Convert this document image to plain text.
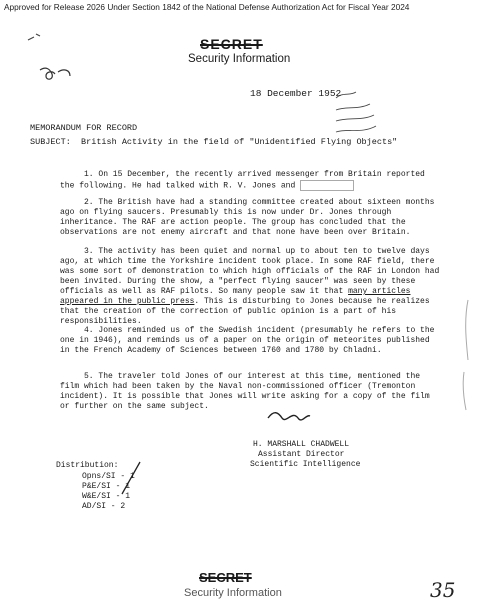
Approved for Release 2026 Under Section 1842 of the National Defense Authorization Act for Fiscal Year 2024
SECRET
Security Information
18 December 1952
MEMORANDUM FOR RECORD
SUBJECT: British Activity in the field of "Unidentified Flying Objects"

1. On 15 December, the recently arrived messenger from Britain reported the following. He had talked with R. V. Jones and

2. The British have had a standing committee created about sixteen months ago on flying saucers. Presumably this is now under Dr. Jones through inheritance. The RAF are action people. The group has concluded that the observations are not enemy aircraft and that none have been over Britain.

3. The activity has been quiet and normal up to about ten to twelve days ago, at which time the Yorkshire incident took place. In some RAF field, there was some sort of demonstration to which high officials of the RAF in London had been invited. During the show, a "perfect flying saucer" was seen by these officials as well as RAF pilots. So many people saw it that many articles appeared in the public press. This is disturbing to Jones because he realizes that the creation of the correction of public opinion is a part of his responsibilities.

4. Jones reminded us of the Swedish incident (presumably he refers to the one in 1946), and reminds us of a paper on the origin of meteorites published in the French Academy of Sciences between 1760 and 1780 by Chladni.

5. The traveler told Jones of our interest at this time, mentioned the film which had been taken by the Naval non-commissioned officer (Tremonton incident). It is possible that Jones will write asking for a copy of the film or further on the same subject.

H. MARSHALL CHADWELL
Assistant Director
Scientific Intelligence
Distribution:
Opns/SI - 1
P&E/SI - 1
W&E/SI - 1
AD/SI - 2
SECRET
Security Information	35
